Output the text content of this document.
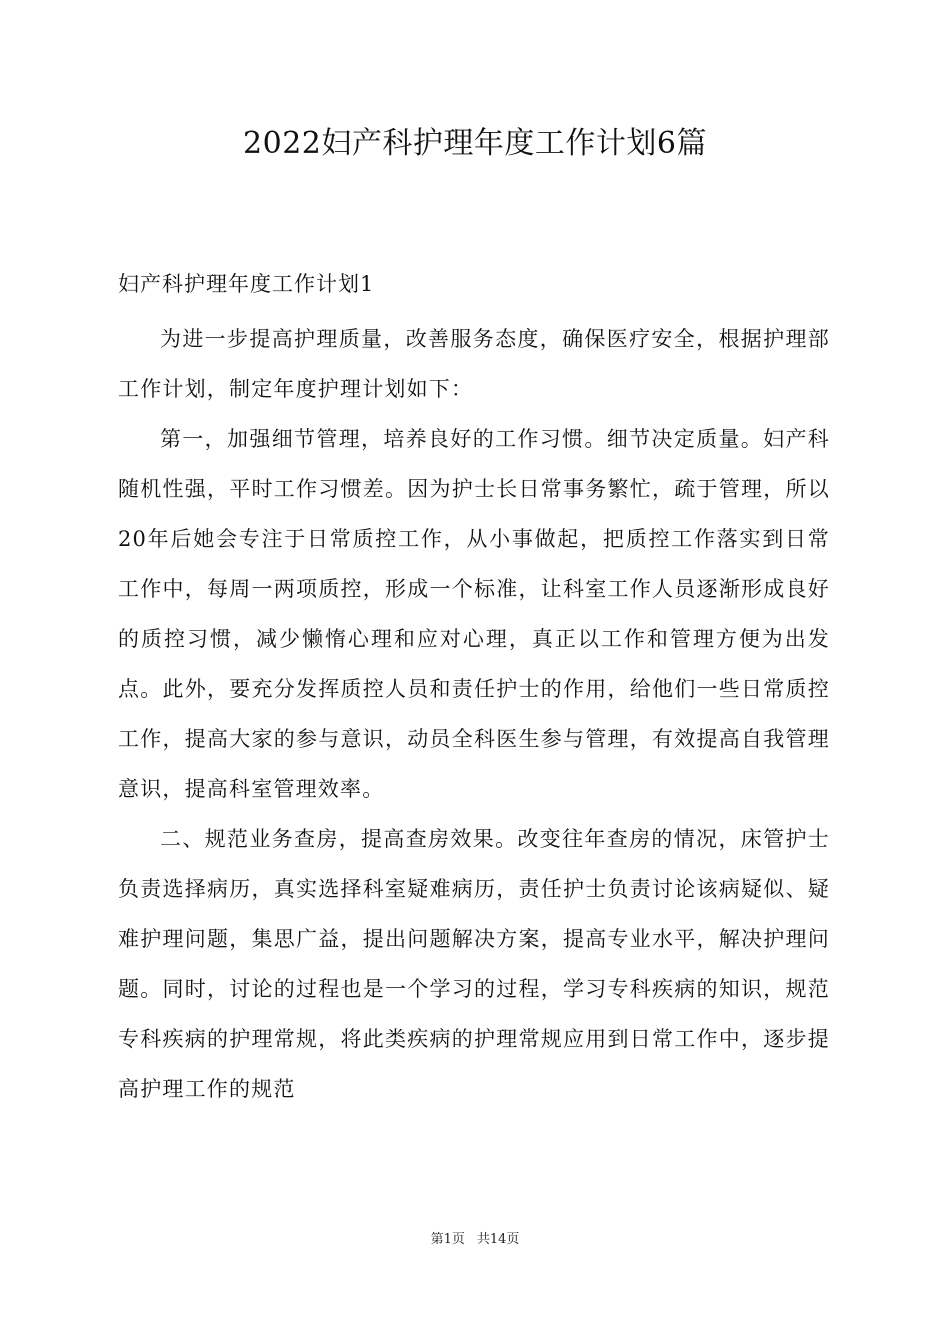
2022妇产科护理年度工作计划6篇

妇产科护理年度工作计划1

为进一步提高护理质量，改善服务态度，确保医疗安全，根据护理部工作计划，制定年度护理计划如下：

第一，加强细节管理，培养良好的工作习惯。细节决定质量。妇产科随机性强，平时工作习惯差。因为护士长日常事务繁忙，疏于管理，所以20年后她会专注于日常质控工作，从小事做起，把质控工作落实到日常工作中，每周一两项质控，形成一个标准，让科室工作人员逐渐形成良好的质控习惯，减少懒惰心理和应对心理，真正以工作和管理方便为出发点。此外，要充分发挥质控人员和责任护士的作用，给他们一些日常质控工作，提高大家的参与意识，动员全科医生参与管理，有效提高自我管理意识，提高科室管理效率。

二、规范业务查房，提高查房效果。改变往年查房的情况，床管护士负责选择病历，真实选择科室疑难病历，责任护士负责讨论该病疑似、疑难护理问题，集思广益，提出问题解决方案，提高专业水平，解决护理问题。同时，讨论的过程也是一个学习的过程，学习专科疾病的知识，规范专科疾病的护理常规，将此类疾病的护理常规应用到日常工作中，逐步提高护理工作的规范

第1页 共14页
